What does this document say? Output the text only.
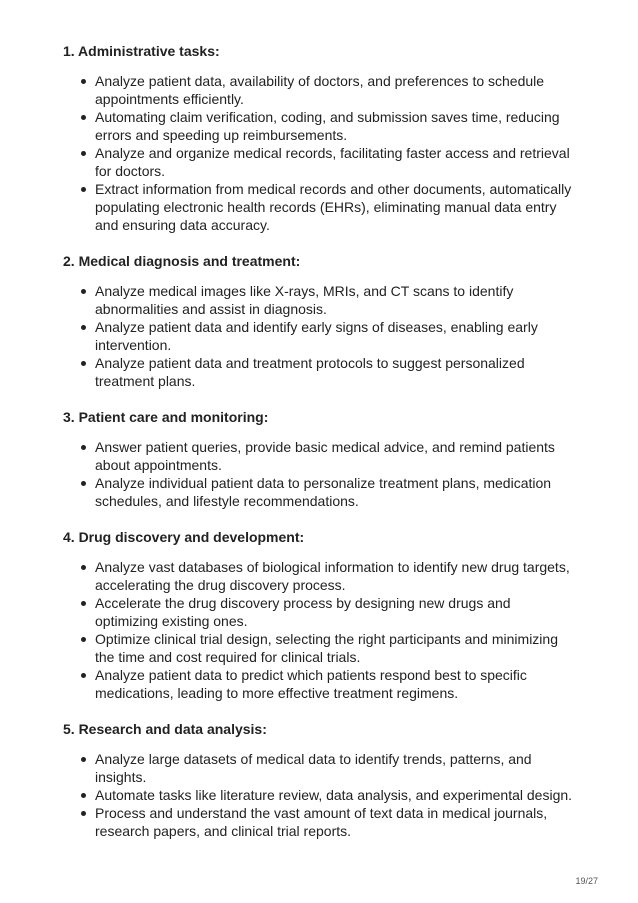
1. Administrative tasks:
Analyze patient data, availability of doctors, and preferences to schedule appointments efficiently.
Automating claim verification, coding, and submission saves time, reducing errors and speeding up reimbursements.
Analyze and organize medical records, facilitating faster access and retrieval for doctors.
Extract information from medical records and other documents, automatically populating electronic health records (EHRs), eliminating manual data entry and ensuring data accuracy.
2. Medical diagnosis and treatment:
Analyze medical images like X-rays, MRIs, and CT scans to identify abnormalities and assist in diagnosis.
Analyze patient data and identify early signs of diseases, enabling early intervention.
Analyze patient data and treatment protocols to suggest personalized treatment plans.
3. Patient care and monitoring:
Answer patient queries, provide basic medical advice, and remind patients about appointments.
Analyze individual patient data to personalize treatment plans, medication schedules, and lifestyle recommendations.
4. Drug discovery and development:
Analyze vast databases of biological information to identify new drug targets, accelerating the drug discovery process.
Accelerate the drug discovery process by designing new drugs and optimizing existing ones.
Optimize clinical trial design, selecting the right participants and minimizing the time and cost required for clinical trials.
Analyze patient data to predict which patients respond best to specific medications, leading to more effective treatment regimens.
5. Research and data analysis:
Analyze large datasets of medical data to identify trends, patterns, and insights.
Automate tasks like literature review, data analysis, and experimental design.
Process and understand the vast amount of text data in medical journals, research papers, and clinical trial reports.
19/27
